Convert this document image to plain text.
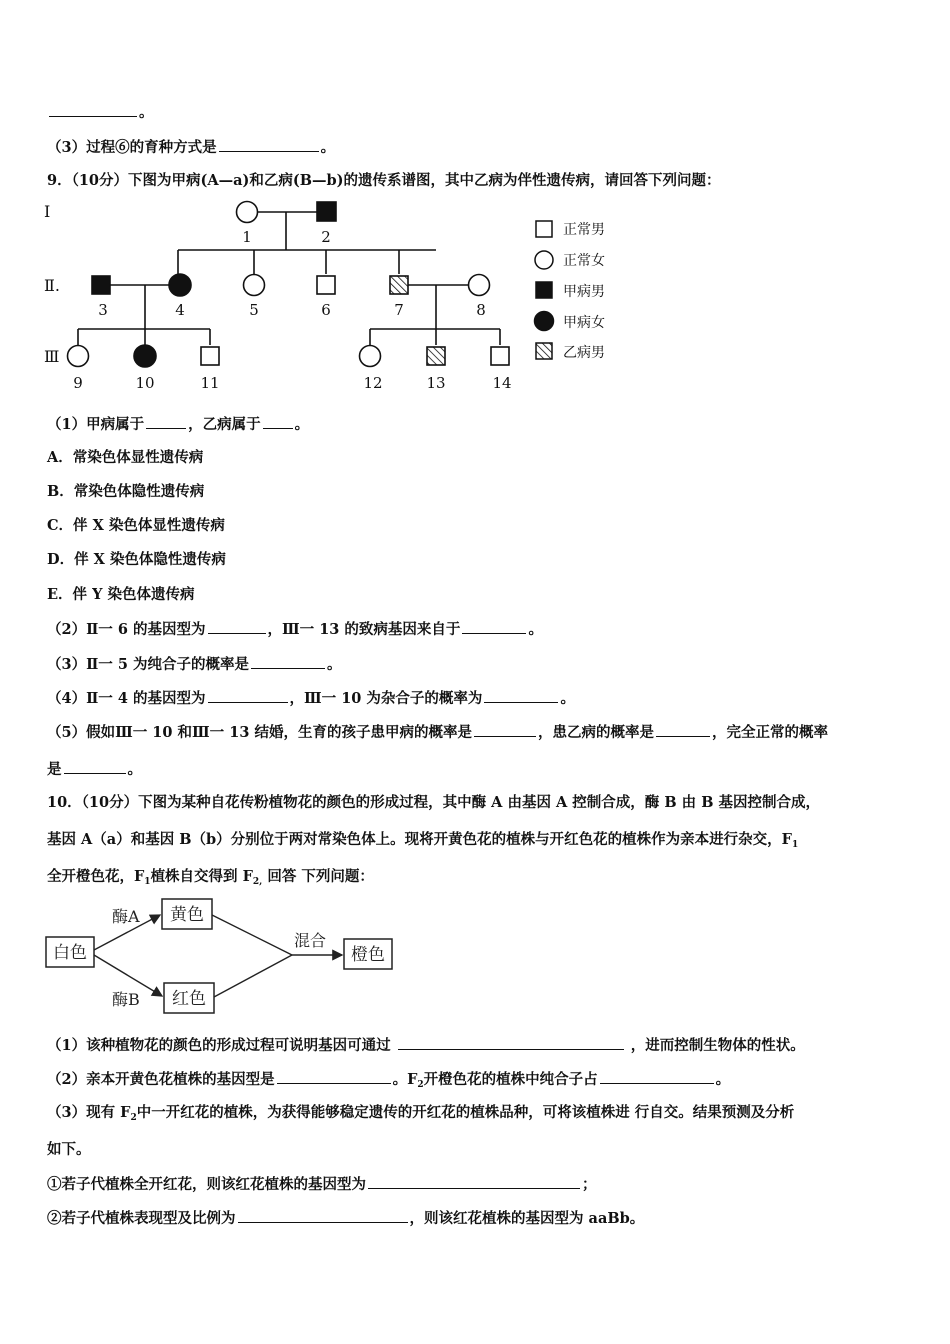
。
（3）过程⑥的育种方式是	。
9．（10分）下图为甲病(A—a)和乙病(B—b)的遗传系谱图，其中乙病为伴性遗传病，请回答下列问题：
Ⅰ
Ⅱ.
Ⅲ
1	2
3	4	5	6	7	8
9	10	11	12	13	14
正常男
正常女
甲病男
甲病女
乙病男
（1）甲病属于	，乙病属于 。
A．常染色体显性遗传病
B．常染色体隐性遗传病
C．伴 X 染色体显性遗传病
D．伴 X 染色体隐性遗传病
E．伴 Y 染色体遗传病
（2）Ⅱ一 6 的基因型为	，Ⅲ一 13 的致病基因来自于	。
（3）Ⅱ一 5 为纯合子的概率是	。
（4）Ⅱ一 4 的基因型为	，Ⅲ一 10 为杂合子的概率为	。
（5）假如Ⅲ一 10 和Ⅲ一 13 结婚，生育的孩子患甲病的概率是	，患乙病的概率是	，完全正常的概率
是	。
10．（10分）下图为某种自花传粉植物花的颜色的形成过程，其中酶 A 由基因 A 控制合成，酶 B 由 B 基因控制合成，
基因 A（a）和基因 B（b）分别位于两对常染色体上。现将开黄色花的植株与开红色花的植株作为亲本进行杂交，$F_1$
全开橙色花，$F_1$植株自交得到 $F_{2,}$ 回答 下列问题：
白色
黄色
红色
橙色
酶A
酶B
混合
（1）该种植物花的颜色的形成过程可说明基因可通过	，进而控制生物体的性状。
（2）亲本开黄色花植株的基因型是	。$F_2$开橙色花的植株中纯合子占	。
（3）现有 $F_2$中一开红花的植株，为获得能够稳定遗传的开红花的植株品种，可将该植株进 行自交。结果预测及分析
如下。
①若子代植株全开红花，则该红花植株的基因型为	；
②若子代植株表现型及比例为	，则该红花植株的基因型为 aaBb。
